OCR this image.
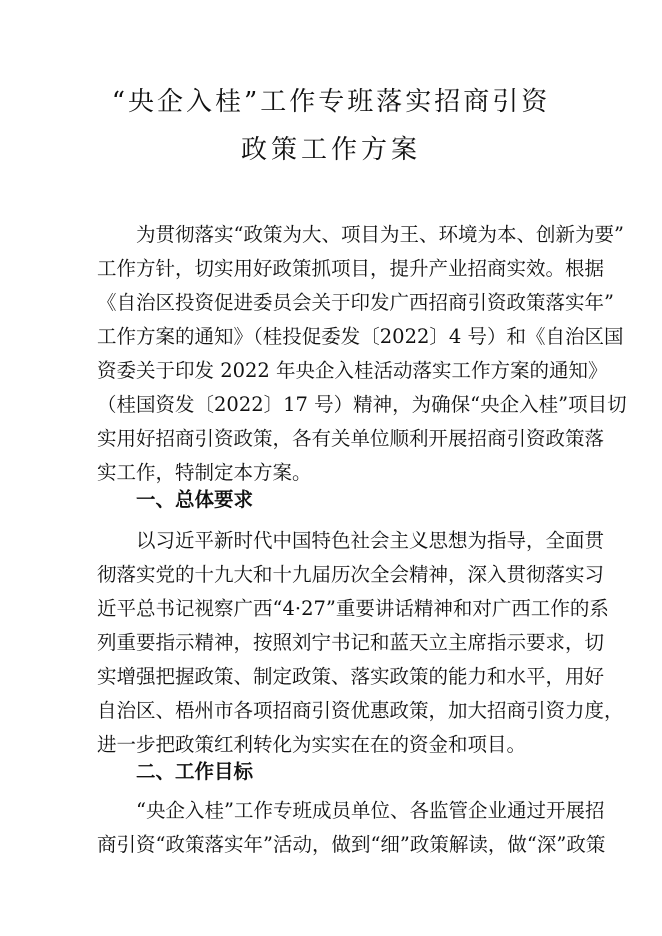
“央企入桂”工作专班落实招商引资
政策工作方案

为贯彻落实“政策为大、项目为王、环境为本、创新为要”

工作方针，切实用好政策抓项目，提升产业招商实效。根据

《自治区投资促进委员会关于印发广西招商引资政策落实年”

工作方案的通知》（桂投促委发〔2022〕4 号）和《自治区国

资委关于印发 2022 年央企入桂活动落实工作方案的通知》

（桂国资发〔2022〕17 号）精神，为确保“央企入桂”项目切

实用好招商引资政策，各有关单位顺利开展招商引资政策落

实工作，特制定本方案。

一、总体要求

以习近平新时代中国特色社会主义思想为指导，全面贯

彻落实党的十九大和十九届历次全会精神，深入贯彻落实习

近平总书记视察广西“4·27”重要讲话精神和对广西工作的系

列重要指示精神，按照刘宁书记和蓝天立主席指示要求，切

实增强把握政策、制定政策、落实政策的能力和水平，用好

自治区、梧州市各项招商引资优惠政策，加大招商引资力度，

进一步把政策红利转化为实实在在的资金和项目。

二、工作目标

“央企入桂”工作专班成员单位、各监管企业通过开展招

商引资“政策落实年”活动，做到“细”政策解读，做“深”政策
